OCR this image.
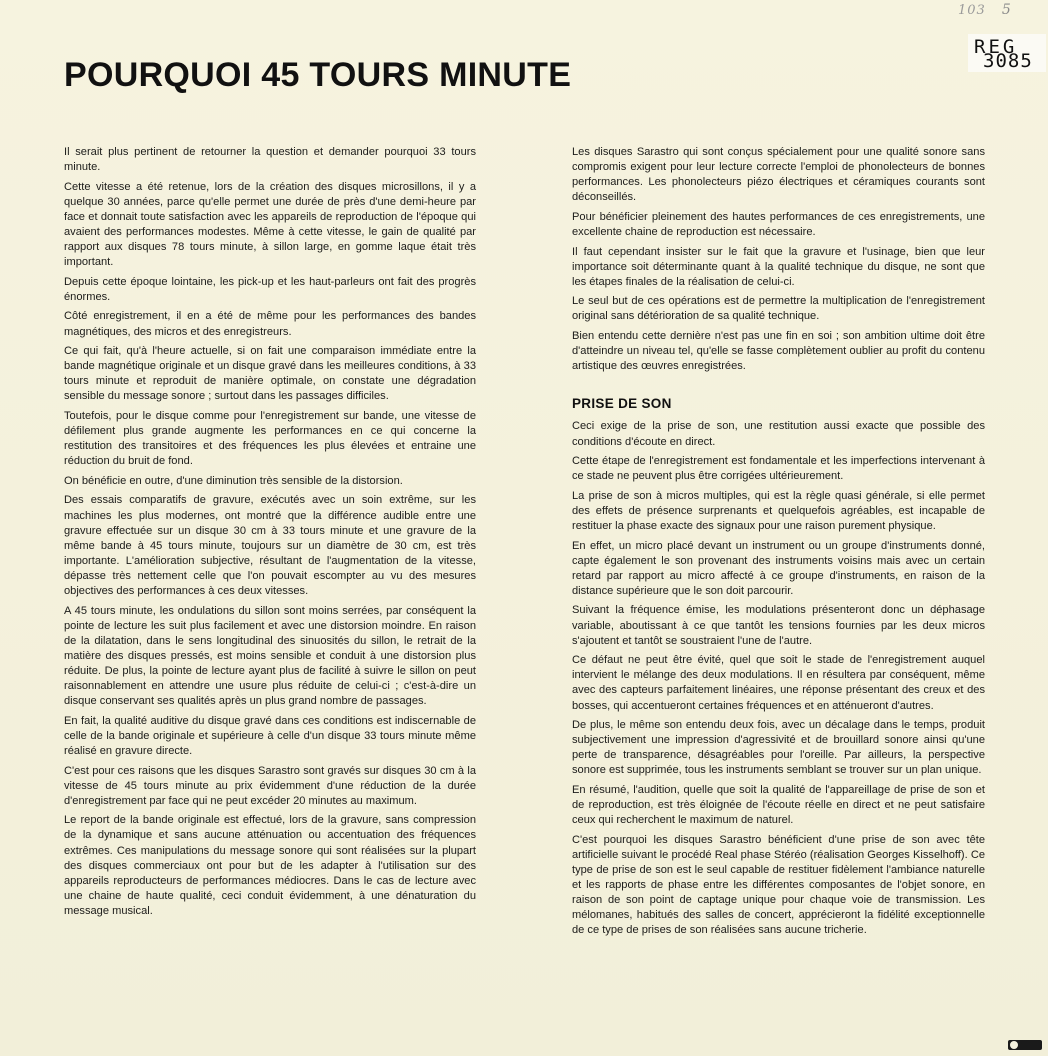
103 5
REG
3085
POURQUOI 45 TOURS MINUTE

Il serait plus pertinent de retourner la question et demander pourquoi 33 tours minute.

Cette vitesse a été retenue, lors de la création des disques microsillons, il y a quelque 30 années, parce qu'elle permet une durée de près d'une demi-heure par face et donnait toute satisfaction avec les appareils de reproduction de l'époque qui avaient des performances modestes. Même à cette vitesse, le gain de qualité par rapport aux disques 78 tours minute, à sillon large, en gomme laque était très important.

Depuis cette époque lointaine, les pick-up et les haut-parleurs ont fait des progrès énormes.

Côté enregistrement, il en a été de même pour les performances des bandes magnétiques, des micros et des enregistreurs.

Ce qui fait, qu'à l'heure actuelle, si on fait une comparaison immédiate entre la bande magnétique originale et un disque gravé dans les meilleures conditions, à 33 tours minute et reproduit de manière optimale, on constate une dégradation sensible du message sonore ; surtout dans les passages difficiles.

Toutefois, pour le disque comme pour l'enregistrement sur bande, une vitesse de défilement plus grande augmente les performances en ce qui concerne la restitution des transitoires et des fréquences les plus élevées et entraine une réduction du bruit de fond.

On bénéficie en outre, d'une diminution très sensible de la distorsion.

Des essais comparatifs de gravure, exécutés avec un soin extrême, sur les machines les plus modernes, ont montré que la différence audible entre une gravure effectuée sur un disque 30 cm à 33 tours minute et une gravure de la même bande à 45 tours minute, toujours sur un diamètre de 30 cm, est très importante. L'amélioration subjective, résultant de l'augmentation de la vitesse, dépasse très nettement celle que l'on pouvait escompter au vu des mesures objectives des performances à ces deux vitesses.

A 45 tours minute, les ondulations du sillon sont moins serrées, par conséquent la pointe de lecture les suit plus facilement et avec une distorsion moindre. En raison de la dilatation, dans le sens longitudinal des sinuosités du sillon, le retrait de la matière des disques pressés, est moins sensible et conduit à une distorsion plus réduite. De plus, la pointe de lecture ayant plus de facilité à suivre le sillon on peut raisonnablement en attendre une usure plus réduite de celui-ci ; c'est-à-dire un disque conservant ses qualités après un plus grand nombre de passages.

En fait, la qualité auditive du disque gravé dans ces conditions est indiscernable de celle de la bande originale et supérieure à celle d'un disque 33 tours minute même réalisé en gravure directe.

C'est pour ces raisons que les disques Sarastro sont gravés sur disques 30 cm à la vitesse de 45 tours minute au prix évidemment d'une réduction de la durée d'enregistrement par face qui ne peut excéder 20 minutes au maximum.

Le report de la bande originale est effectué, lors de la gravure, sans compression de la dynamique et sans aucune atténuation ou accentuation des fréquences extrêmes. Ces manipulations du message sonore qui sont réalisées sur la plupart des disques commerciaux ont pour but de les adapter à l'utilisation sur des appareils reproducteurs de performances médiocres. Dans le cas de lecture avec une chaine de haute qualité, ceci conduit évidemment, à une dénaturation du message musical.

Les disques Sarastro qui sont conçus spécialement pour une qualité sonore sans compromis exigent pour leur lecture correcte l'emploi de phonolecteurs de bonnes performances. Les phonolecteurs piézo électriques et céramiques courants sont déconseillés.

Pour bénéficier pleinement des hautes performances de ces enregistrements, une excellente chaine de reproduction est nécessaire.

Il faut cependant insister sur le fait que la gravure et l'usinage, bien que leur importance soit déterminante quant à la qualité technique du disque, ne sont que les étapes finales de la réalisation de celui-ci.

Le seul but de ces opérations est de permettre la multiplication de l'enregistrement original sans détérioration de sa qualité technique.

Bien entendu cette dernière n'est pas une fin en soi ; son ambition ultime doit être d'atteindre un niveau tel, qu'elle se fasse complètement oublier au profit du contenu artistique des œuvres enregistrées.

PRISE DE SON

Ceci exige de la prise de son, une restitution aussi exacte que possible des conditions d'écoute en direct.

Cette étape de l'enregistrement est fondamentale et les imperfections intervenant à ce stade ne peuvent plus être corrigées ultérieurement.

La prise de son à micros multiples, qui est la règle quasi générale, si elle permet des effets de présence surprenants et quelquefois agréables, est incapable de restituer la phase exacte des signaux pour une raison purement physique.

En effet, un micro placé devant un instrument ou un groupe d'instruments donné, capte également le son provenant des instruments voisins mais avec un certain retard par rapport au micro affecté à ce groupe d'instruments, en raison de la distance supérieure que le son doit parcourir.

Suivant la fréquence émise, les modulations présenteront donc un déphasage variable, aboutissant à ce que tantôt les tensions fournies par les deux micros s'ajoutent et tantôt se soustraient l'une de l'autre.

Ce défaut ne peut être évité, quel que soit le stade de l'enregistrement auquel intervient le mélange des deux modulations. Il en résultera par conséquent, même avec des capteurs parfaitement linéaires, une réponse présentant des creux et des bosses, qui accentueront certaines fréquences et en atténueront d'autres.

De plus, le même son entendu deux fois, avec un décalage dans le temps, produit subjectivement une impression d'agressivité et de brouillard sonore ainsi qu'une perte de transparence, désagréables pour l'oreille. Par ailleurs, la perspective sonore est supprimée, tous les instruments semblant se trouver sur un plan unique.

En résumé, l'audition, quelle que soit la qualité de l'appareillage de prise de son et de reproduction, est très éloignée de l'écoute réelle en direct et ne peut satisfaire ceux qui recherchent le maximum de naturel.

C'est pourquoi les disques Sarastro bénéficient d'une prise de son avec tête artificielle suivant le procédé Real phase Stéréo (réalisation Georges Kisselhoff). Ce type de prise de son est le seul capable de restituer fidèlement l'ambiance naturelle et les rapports de phase entre les différentes composantes de l'objet sonore, en raison de son point de captage unique pour chaque voie de transmission. Les mélomanes, habitués des salles de concert, apprécieront la fidélité exceptionnelle de ce type de prises de son réalisées sans aucune tricherie.
